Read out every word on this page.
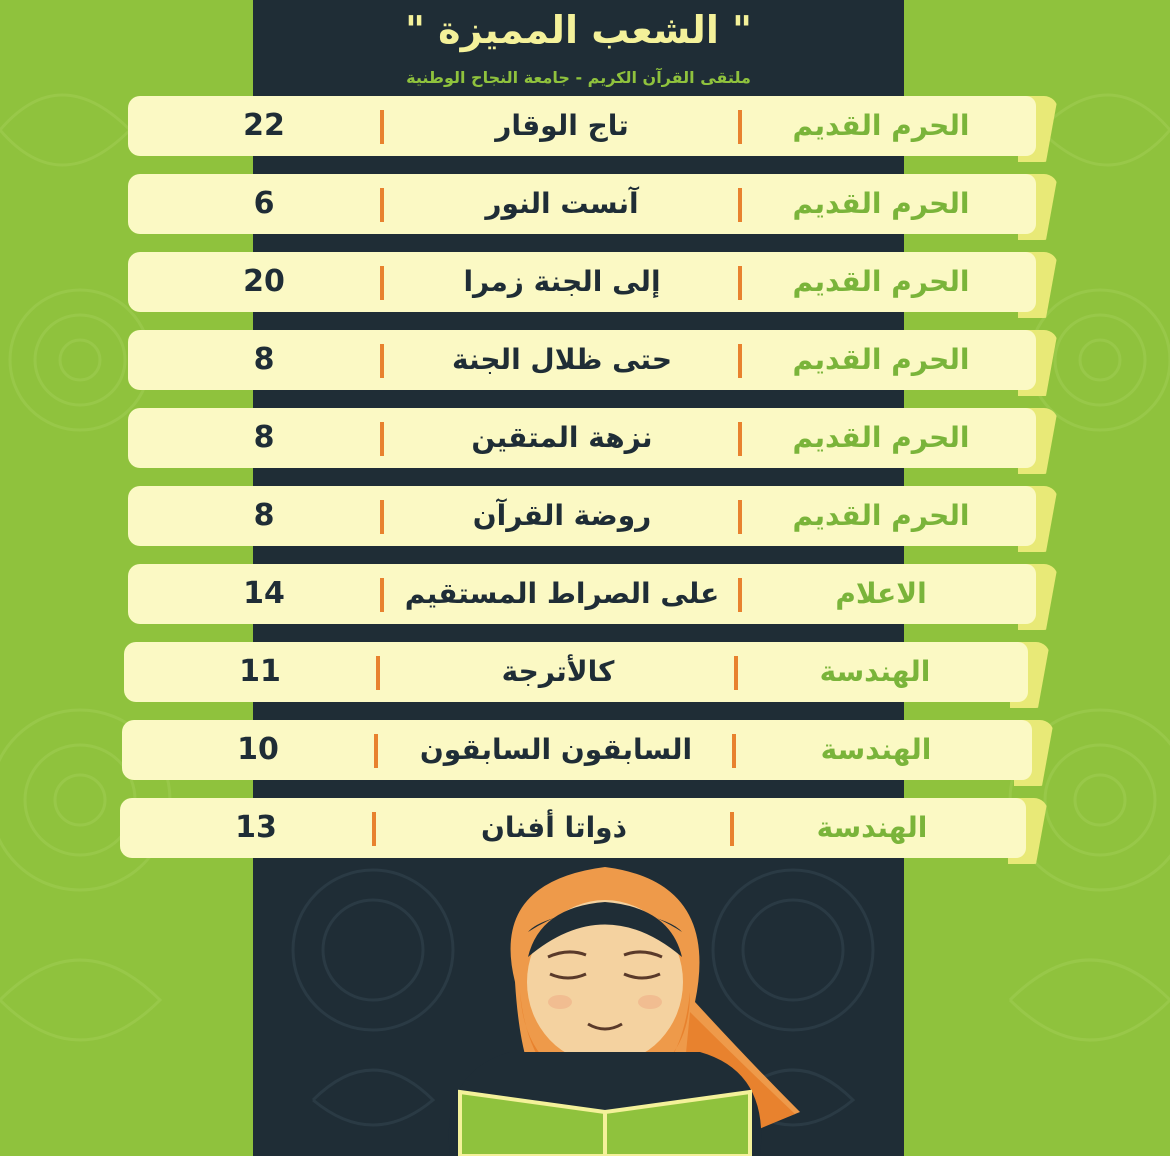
" الشعب المميزة "
ملتقى القرآن الكريم - جامعة النجاح الوطنية
22	تاج الوقار	الحرم القديم
6	آنست النور	الحرم القديم
20	إلى الجنة زمرا	الحرم القديم
8	حتى ظلال الجنة	الحرم القديم
8	نزهة المتقين	الحرم القديم
8	روضة القرآن	الحرم القديم
14	على الصراط المستقيم	الاعلام
11	كالأترجة	الهندسة
10	السابقون السابقون	الهندسة
13	ذواتا أفنان	الهندسة
